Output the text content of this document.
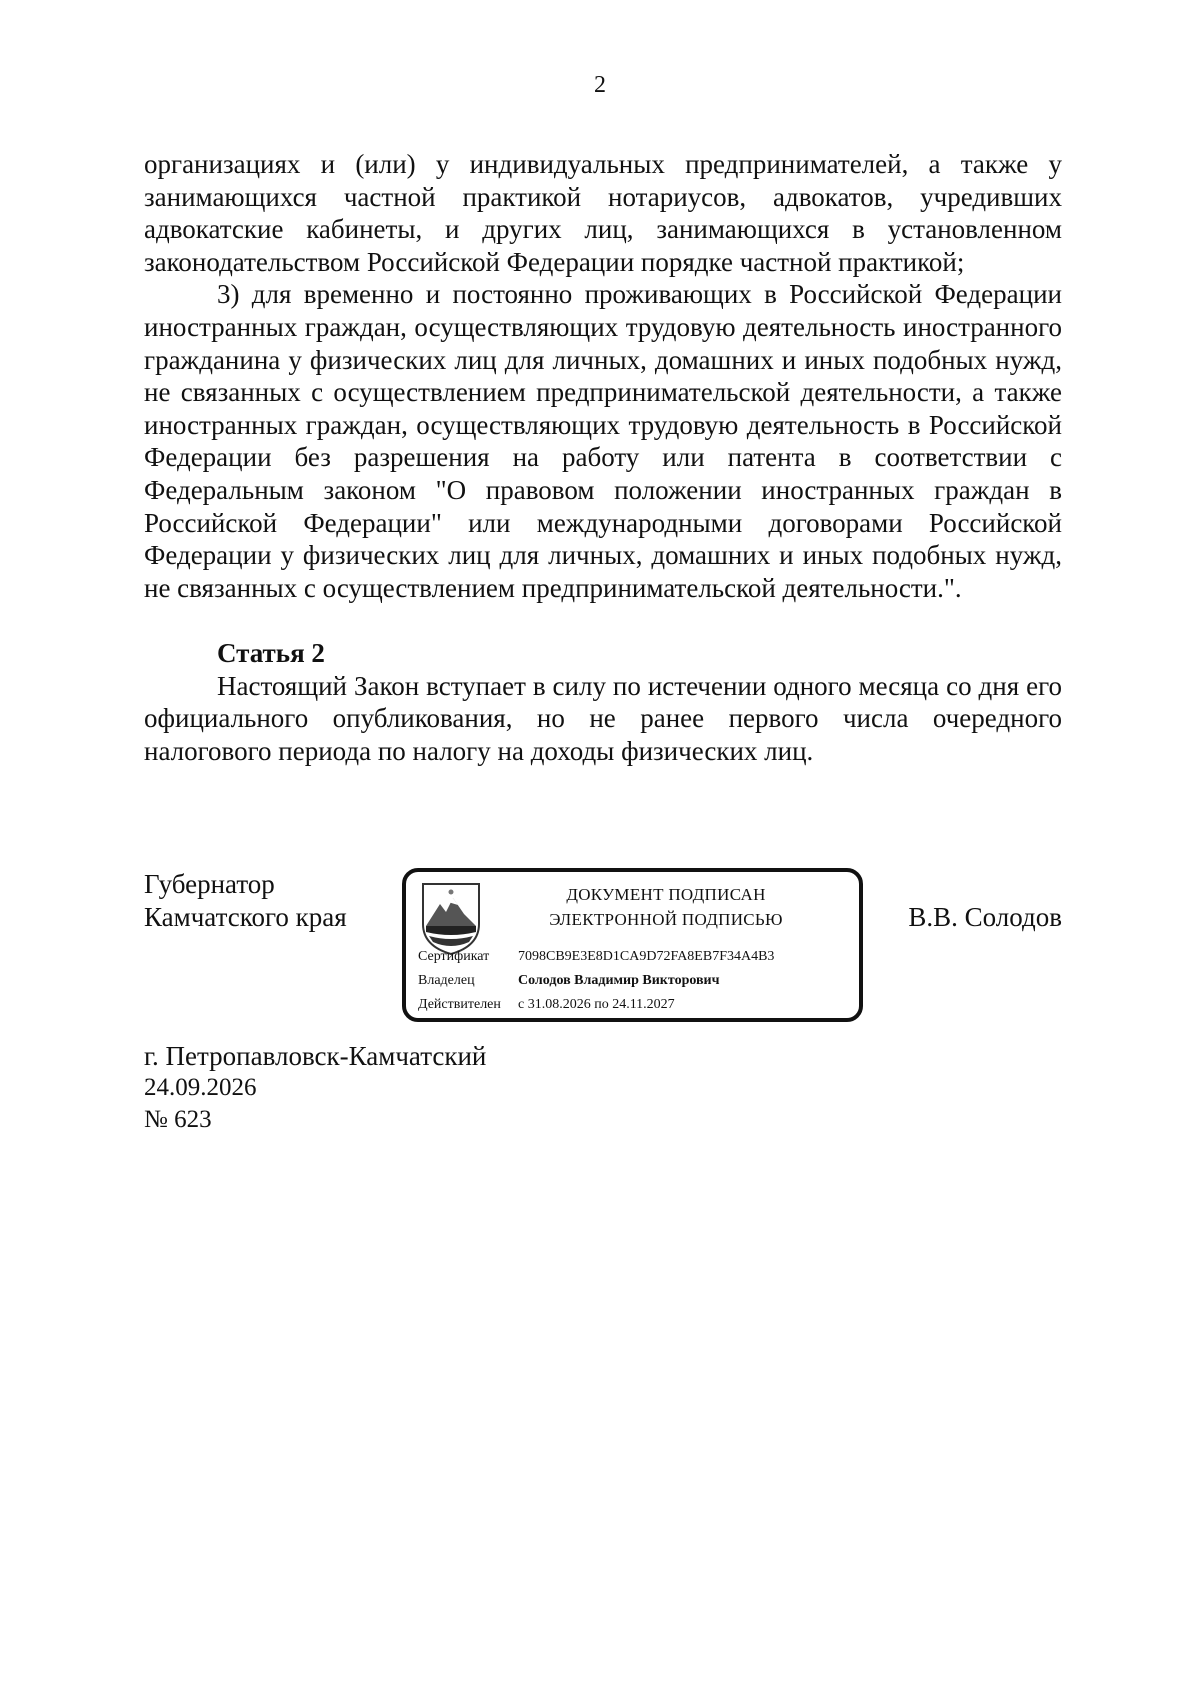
2

организациях и (или) у индивидуальных предпринимателей, а также у занимающихся частной практикой нотариусов, адвокатов, учредивших адвокатские кабинеты, и других лиц, занимающихся в установленном законодательством Российской Федерации порядке частной практикой;

3) для временно и постоянно проживающих в Российской Федерации иностранных граждан, осуществляющих трудовую деятельность иностранного гражданина у физических лиц для личных, домашних и иных подобных нужд, не связанных с осуществлением предпринимательской деятельности, а также иностранных граждан, осуществляющих трудовую деятельность в Российской Федерации без разрешения на работу или патента в соответствии с Федеральным законом "О правовом положении иностранных граждан в Российской Федерации" или международными договорами Российской Федерации у физических лиц для личных, домашних и иных подобных нужд, не связанных с осуществлением предпринимательской деятельности.".

Статья 2

Настоящий Закон вступает в силу по истечении одного месяца со дня его официального опубликования, но не ранее первого числа очередного налогового периода по налогу на доходы физических лиц.

Губернатор
Камчатского края
ДОКУМЕНТ ПОДПИСАН
ЭЛЕКТРОННОЙ ПОДПИСЬЮ
Сертификат 7098CB9E3E8D1CA9D72FA8EB7F34A4B3
Владелец	Солодов Владимир Викторович
Действителен с 31.08.2026 по 24.11.2027
В.В. Солодов
г. Петропавловск-Камчатский
24.09.2026
№ 623
